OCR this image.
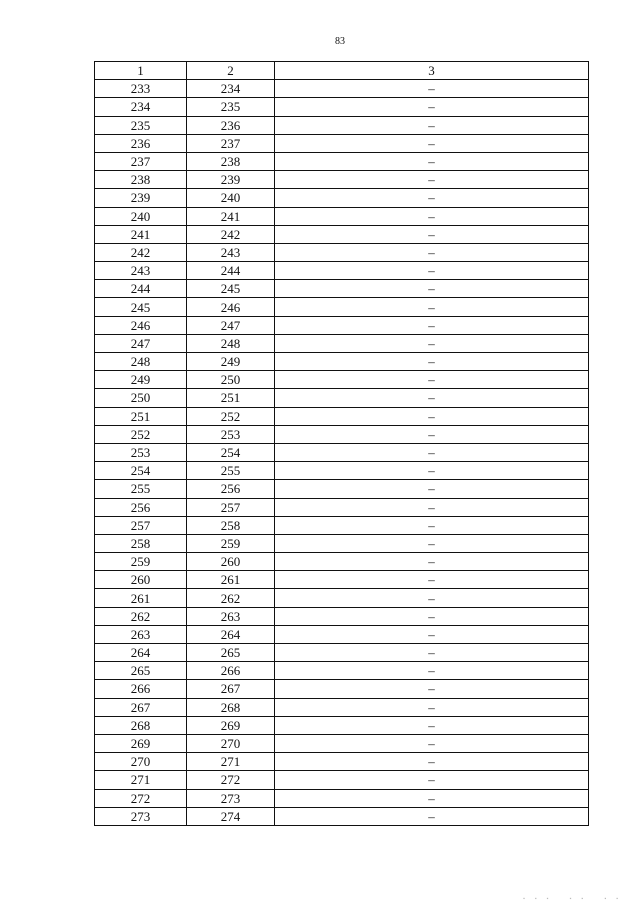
83
1	2	3
233	234	–
234	235	–
235	236	–
236	237	–
237	238	–
238	239	–
239	240	–
240	241	–
241	242	–
242	243	–
243	244	–
244	245	–
245	246	–
246	247	–
247	248	–
248	249	–
249	250	–
250	251	–
251	252	–
252	253	–
253	254	–
254	255	–
255	256	–
256	257	–
257	258	–
258	259	–
259	260	–
260	261	–
261	262	–
262	263	–
263	264	–
264	265	–
265	266	–
266	267	–
267	268	–
268	269	–
269	270	–
270	271	–
271	272	–
272	273	–
273	274	–
▪▪▪ ▪▪ ▪▪
